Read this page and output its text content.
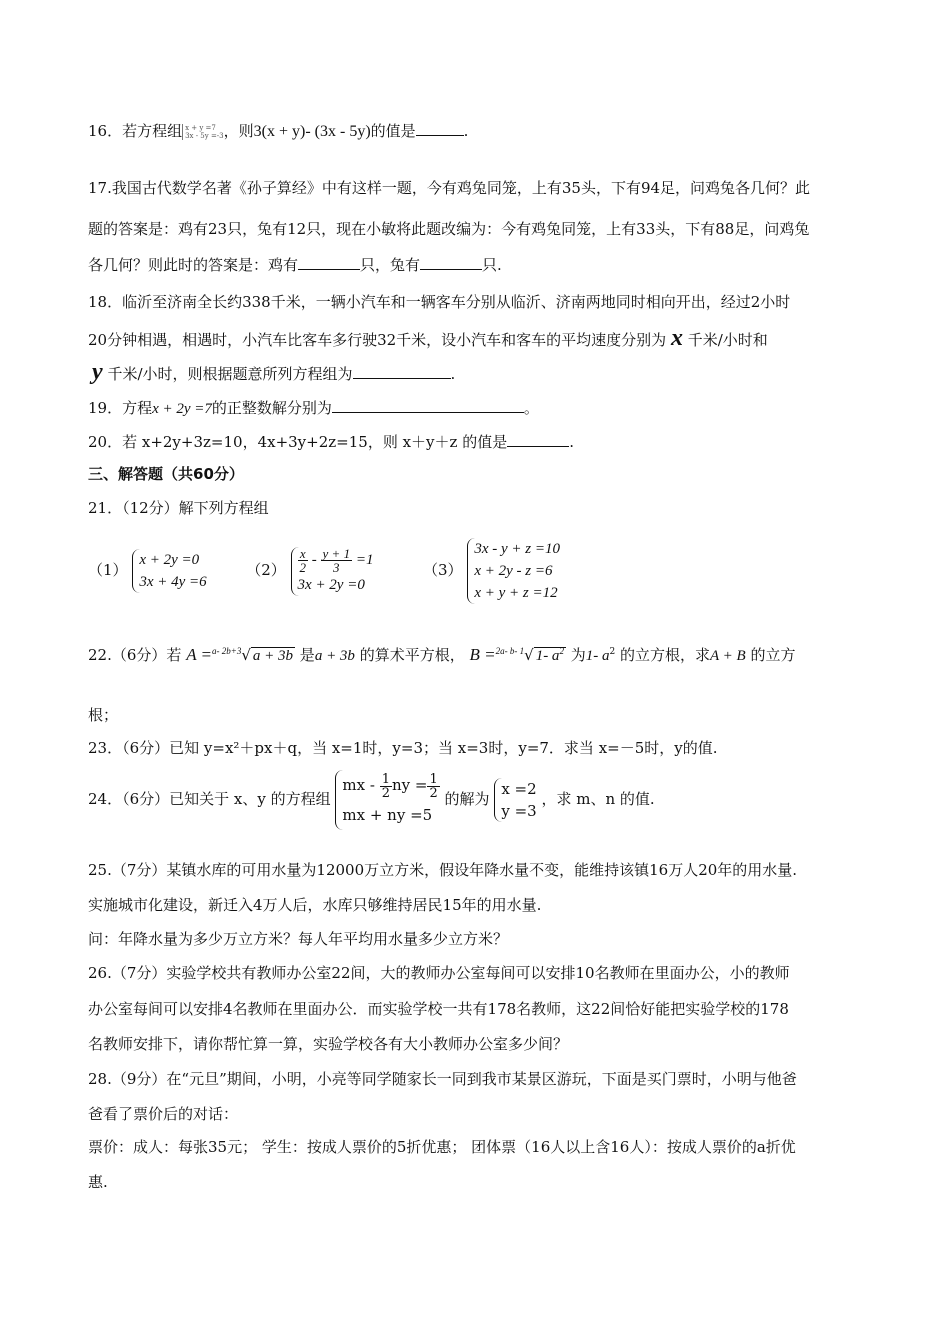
16．若方程组 x + y =7
3x - 5y =-3，则3(x + y)- (3x - 5y)的值是	.
17.我国古代数学名著《孙子算经》中有这样一题，今有鸡兔同笼，上有35头，下有94足，问鸡兔各几何？此
题的答案是：鸡有23只，兔有12只，现在小敏将此题改编为：今有鸡兔同笼，上有33头，下有88足，问鸡兔
各几何？则此时的答案是：鸡有	只，兔有	只.
18．临沂至济南全长约338千米，一辆小汽车和一辆客车分别从临沂、济南两地同时相向开出，经过2小时
20分钟相遇，相遇时，小汽车比客车多行驶32千米，设小汽车和客车的平均速度分别为 x 千米/小时和
y 千米/小时，则根据题意所列方程组为	.
19．方程x + 2y =7的正整数解分别为	。
20．若 x+2y+3z=10，4x+3y+2z=15，则 x＋y＋z 的值是	.
三、解答题（共60分）
21．（12分）解下列方程组
（1） x + 2y =0
3x + 4y =6  $(2) \frac{x}{2} - \frac{y + 1}{3} =1$
3x + 2y =0  （3） 3x - y + z =10
x + 2y - z =6
x + y + z =12
22.（6分）若 A =$^{a- 2b+3}$√ a + 3b 是a + 3b 的算术平方根， B =$^{2a- b- 1}$√ 1- $a^2$ 为1- $a^2$ 的立方根，求A + B 的立方
根；
23．（6分）已知 y=x²＋px＋q，当 x=1时，y=3；当 x=3时，y=7．求当 x=－5时，y的值.
24．（6分）已知关于 x、y 的方程组 mx - $\frac{1}{2}$ ny = $\frac{1}{2}$

mx + ny =5 的解为 x =2
y =3 ，求 m、n 的值.
25.（7分）某镇水库的可用水量为12000万立方米，假设年降水量不变，能维持该镇16万人20年的用水量.
实施城市化建设，新迁入4万人后，水库只够维持居民15年的用水量.
问：年降水量为多少万立方米？每人年平均用水量多少立方米？
26.（7分）实验学校共有教师办公室22间，大的教师办公室每间可以安排10名教师在里面办公，小的教师
办公室每间可以安排4名教师在里面办公．而实验学校一共有178名教师，这22间恰好能把实验学校的178
名教师安排下，请你帮忙算一算，实验学校各有大小教师办公室多少间？
28.（9分）在“元旦”期间，小明，小亮等同学随家长一同到我市某景区游玩，下面是买门票时，小明与他爸
爸看了票价后的对话：
票价：成人：每张35元； 学生：按成人票价的5折优惠； 团体票（16人以上含16人）：按成人票价的a折优
惠.
